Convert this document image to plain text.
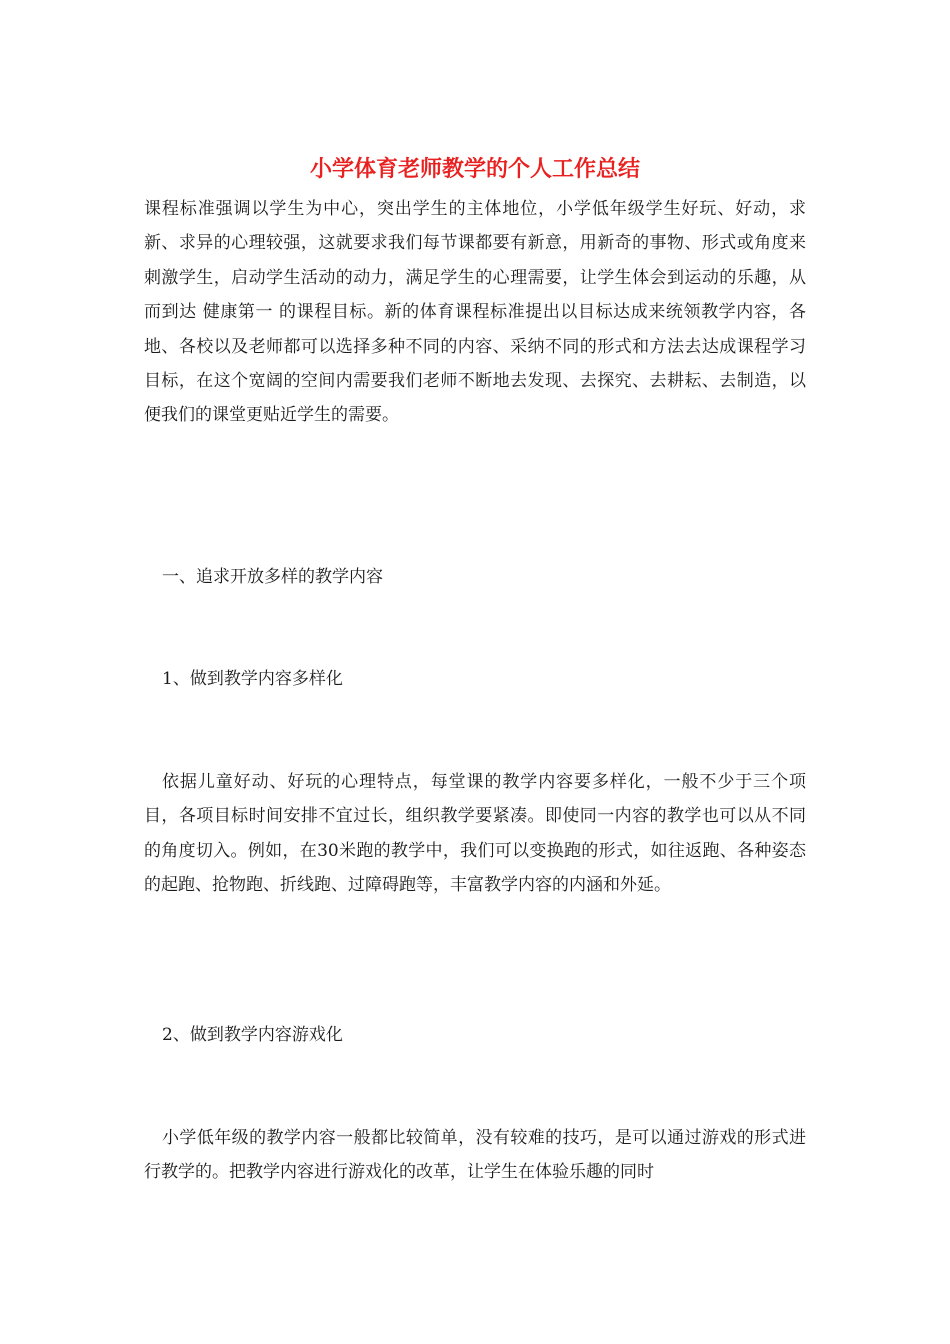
小学体育老师教学的个人工作总结

课程标准强调以学生为中心，突出学生的主体地位，小学低年级学生好玩、好动，求新、求异的心理较强，这就要求我们每节课都要有新意，用新奇的事物、形式或角度来刺激学生，启动学生活动的动力，满足学生的心理需要，让学生体会到运动的乐趣，从而到达 健康第一 的课程目标。新的体育课程标准提出以目标达成来统领教学内容，各地、各校以及老师都可以选择多种不同的内容、采纳不同的形式和方法去达成课程学习目标，在这个宽阔的空间内需要我们老师不断地去发现、去探究、去耕耘、去制造，以便我们的课堂更贴近学生的需要。

一、追求开放多样的教学内容

1、做到教学内容多样化

依据儿童好动、好玩的心理特点，每堂课的教学内容要多样化，一般不少于三个项目，各项目标时间安排不宜过长，组织教学要紧凑。即使同一内容的教学也可以从不同的角度切入。例如，在30米跑的教学中，我们可以变换跑的形式，如往返跑、各种姿态的起跑、抢物跑、折线跑、过障碍跑等，丰富教学内容的内涵和外延。

2、做到教学内容游戏化

小学低年级的教学内容一般都比较简单，没有较难的技巧，是可以通过游戏的形式进行教学的。把教学内容进行游戏化的改革，让学生在体验乐趣的同时
